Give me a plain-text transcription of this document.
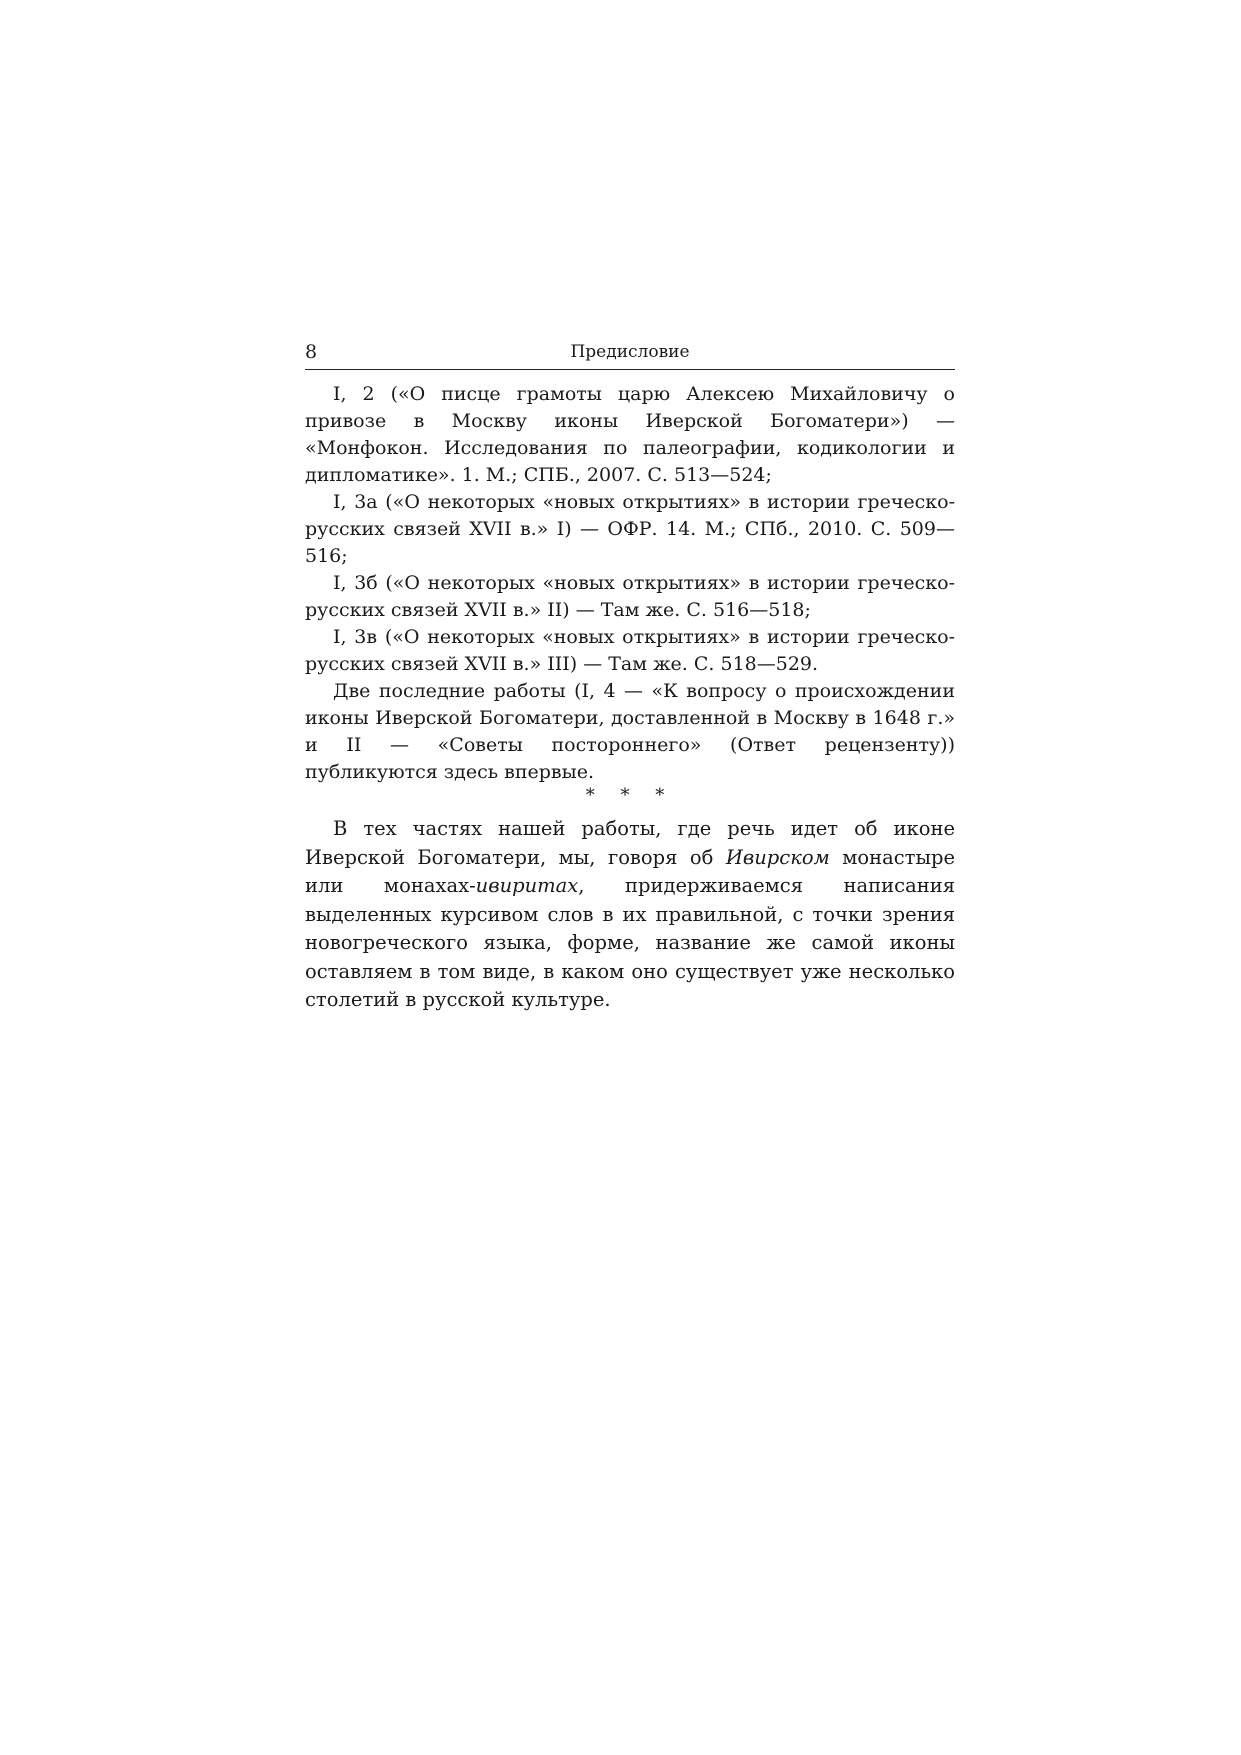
8	Предисловие

I, 2 («О писце грамоты царю Алексею Михайловичу о привозе в Москву иконы Иверской Богоматери») — «Монфокон. Исследования по палеографии, кодикологии и дипломатике». 1. М.; СПБ., 2007. С. 513—524;

I, 3а («О некоторых «новых открытиях» в истории греческо-русских связей XVII в.» I) — ОФР. 14. М.; СПб., 2010. С. 509—516;

I, 3б («О некоторых «новых открытиях» в истории греческо-русских связей XVII в.» II) — Там же. С. 516—518;

I, 3в («О некоторых «новых открытиях» в истории греческо-русских связей XVII в.» III) — Там же. С. 518—529.

Две последние работы (I, 4 — «К вопросу о происхождении иконы Иверской Богоматери, доставленной в Москву в 1648 г.» и II — «Советы постороннего» (Ответ рецензенту)) публикуются здесь впервые.

* * *

В тех частях нашей работы, где речь идет об иконе Иверской Богоматери, мы, говоря об Ивирском монастыре или монахах-ивиритах, придерживаемся написания выделенных курсивом слов в их правильной, с точки зрения новогреческого языка, форме, название же самой иконы оставляем в том виде, в каком оно существует уже несколько столетий в русской культуре.
